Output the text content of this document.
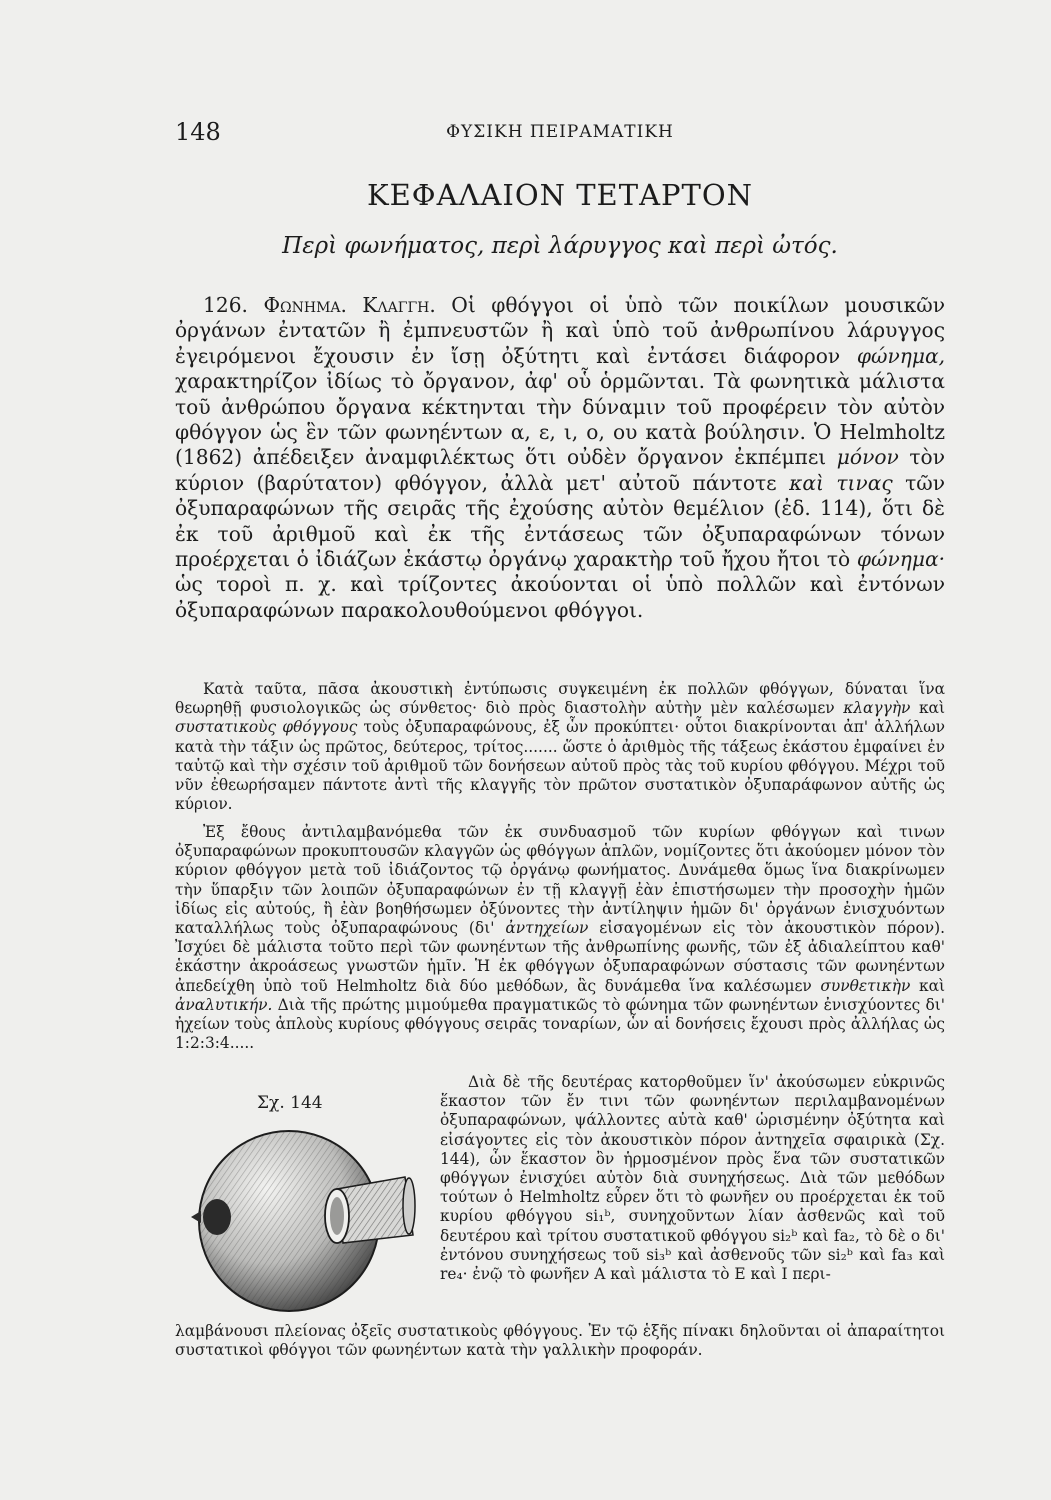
148	ΦΥΣΙΚΗ ΠΕΙΡΑΜΑΤΙΚΗ
ΚΕΦΑΛΑΙΟΝ ΤΕΤΑΡΤΟΝ
Περὶ φωνήματος, περὶ λάρυγγος καὶ περὶ ὠτός.
126. Φωνημα. Κλαγγη. Οἱ φθόγγοι οἱ ὑπὸ τῶν ποικίλων μουσικῶν ὀργάνων ἐντατῶν ἢ ἐμπνευστῶν ἢ καὶ ὑπὸ τοῦ ἀνθρωπίνου λάρυγγος ἐγειρόμενοι ἔχουσιν ἐν ἴσῃ ὀξύτητι καὶ ἐντάσει διάφορον φώνημα, χαρακτηρίζον ἰδίως τὸ ὄργανον, ἀφ' οὗ ὁρμῶνται. Τὰ φωνητικὰ μάλιστα τοῦ ἀνθρώπου ὄργανα κέκτηνται τὴν δύναμιν τοῦ προφέρειν τὸν αὐτὸν φθόγγον ὡς ἓν τῶν φωνηέντων α, ε, ι, ο, ου κατὰ βούλησιν. Ὁ Helmholtz (1862) ἀπέδειξεν ἀναμφιλέκτως ὅτι οὐδὲν ὄργανον ἐκπέμπει μόνον τὸν κύριον (βαρύτατον) φθόγγον, ἀλλὰ μετ' αὐτοῦ πάντοτε καὶ τινας τῶν ὀξυπαραφώνων τῆς σειρᾶς τῆς ἐχούσης αὐτὸν θεμέλιον (ἐδ. 114), ὅτι δὲ ἐκ τοῦ ἀριθμοῦ καὶ ἐκ τῆς ἐντάσεως τῶν ὀξυπαραφώνων τόνων προέρχεται ὁ ἰδιάζων ἑκάστῳ ὀργάνῳ χαρακτὴρ τοῦ ἤχου ἤτοι τὸ φώνημα· ὡς τοροὶ π. χ. καὶ τρίζοντες ἀκούονται οἱ ὑπὸ πολλῶν καὶ ἐντόνων ὀξυπαραφώνων παρακολουθούμενοι φθόγγοι.

Κατὰ ταῦτα, πᾶσα ἀκουστικὴ ἐντύπωσις συγκειμένη ἐκ πολλῶν φθόγγων, δύναται ἵνα θεωρηθῇ φυσιολογικῶς ὡς σύνθετος· διὸ πρὸς διαστολὴν αὐτὴν μὲν καλέσωμεν κλαγγὴν καὶ συστατικοὺς φθόγγους τοὺς ὀξυπαραφώνους, ἐξ ὧν προκύπτει· οὗτοι διακρίνονται ἀπ' ἀλλήλων κατὰ τὴν τάξιν ὡς πρῶτος, δεύτερος, τρίτος....... ὥστε ὁ ἀριθμὸς τῆς τάξεως ἑκάστου ἐμφαίνει ἐν ταὐτῷ καὶ τὴν σχέσιν τοῦ ἀριθμοῦ τῶν δονήσεων αὐτοῦ πρὸς τὰς τοῦ κυρίου φθόγγου. Μέχρι τοῦ νῦν ἐθεωρήσαμεν πάντοτε ἀντὶ τῆς κλαγγῆς τὸν πρῶτον συστατικὸν ὀξυπαράφωνον αὐτῆς ὡς κύριον.

Ἐξ ἔθους ἀντιλαμβανόμεθα τῶν ἐκ συνδυασμοῦ τῶν κυρίων φθόγγων καὶ τινων ὀξυπαραφώνων προκυπτουσῶν κλαγγῶν ὡς φθόγγων ἁπλῶν, νομίζοντες ὅτι ἀκούομεν μόνον τὸν κύριον φθόγγον μετὰ τοῦ ἰδιάζοντος τῷ ὀργάνῳ φωνήματος. Δυνάμεθα ὅμως ἵνα διακρίνωμεν τὴν ὕπαρξιν τῶν λοιπῶν ὀξυπαραφώνων ἐν τῇ κλαγγῇ ἐὰν ἐπιστήσωμεν τὴν προσοχὴν ἡμῶν ἰδίως εἰς αὐτούς, ἢ ἐὰν βοηθήσωμεν ὀξύνοντες τὴν ἀντίληψιν ἡμῶν δι' ὀργάνων ἐνισχυόντων καταλλήλως τοὺς ὀξυπαραφώνους (δι' ἀντηχείων εἰσαγομένων εἰς τὸν ἀκουστικὸν πόρον). Ἰσχύει δὲ μάλιστα τοῦτο περὶ τῶν φωνηέντων τῆς ἀνθρωπίνης φωνῆς, τῶν ἐξ ἀδιαλείπτου καθ' ἑκάστην ἀκροάσεως γνωστῶν ἡμῖν. Ἡ ἐκ φθόγγων ὀξυπαραφώνων σύστασις τῶν φωνηέντων ἀπεδείχθη ὑπὸ τοῦ Helmholtz διὰ δύο μεθόδων, ἃς δυνάμεθα ἵνα καλέσωμεν συνθετικὴν καὶ ἀναλυτικήν. Διὰ τῆς πρώτης μιμούμεθα πραγματικῶς τὸ φώνημα τῶν φωνηέντων ἐνισχύοντες δι' ἠχείων τοὺς ἁπλοὺς κυρίους φθόγγους σειρᾶς τοναρίων, ὧν αἱ δονήσεις ἔχουσι πρὸς ἀλλήλας ὡς 1:2:3:4.....

Σχ. 144

Διὰ δὲ τῆς δευτέρας κατορθοῦμεν ἵν' ἀκούσωμεν εὐκρινῶς ἕκαστον τῶν ἔν τινι τῶν φωνηέντων περιλαμβανομένων ὀξυπαραφώνων, ψάλλοντες αὐτὰ καθ' ὡρισμένην ὀξύτητα καὶ εἰσάγοντες εἰς τὸν ἀκουστικὸν πόρον ἀντηχεῖα σφαιρικὰ (Σχ. 144), ὧν ἕκαστον ὂν ἡρμοσμένον πρὸς ἕνα τῶν συστατικῶν φθόγγων ἐνισχύει αὐτὸν διὰ συνηχήσεως. Διὰ τῶν μεθόδων τούτων ὁ Helmholtz εὗρεν ὅτι τὸ φωνῆεν ου προέρχεται ἐκ τοῦ κυρίου φθόγγου si₁ᵇ, συνηχοῦντων λίαν ἀσθενῶς καὶ τοῦ δευτέρου καὶ τρίτου συστατικοῦ φθόγγου si₂ᵇ καὶ fa₂, τὸ δὲ ο δι' ἐντόνου συνηχήσεως τοῦ si₃ᵇ καὶ ἀσθενοῦς τῶν si₂ᵇ καὶ fa₃ καὶ re₄· ἐνῷ τὸ φωνῆεν Α καὶ μάλιστα τὸ Ε καὶ Ι περι-

λαμβάνουσι πλείονας ὀξεῖς συστατικοὺς φθόγγους. Ἐν τῷ ἑξῆς πίνακι δηλοῦνται οἱ ἀπαραίτητοι συστατικοὶ φθόγγοι τῶν φωνηέντων κατὰ τὴν γαλλικὴν προφοράν.
